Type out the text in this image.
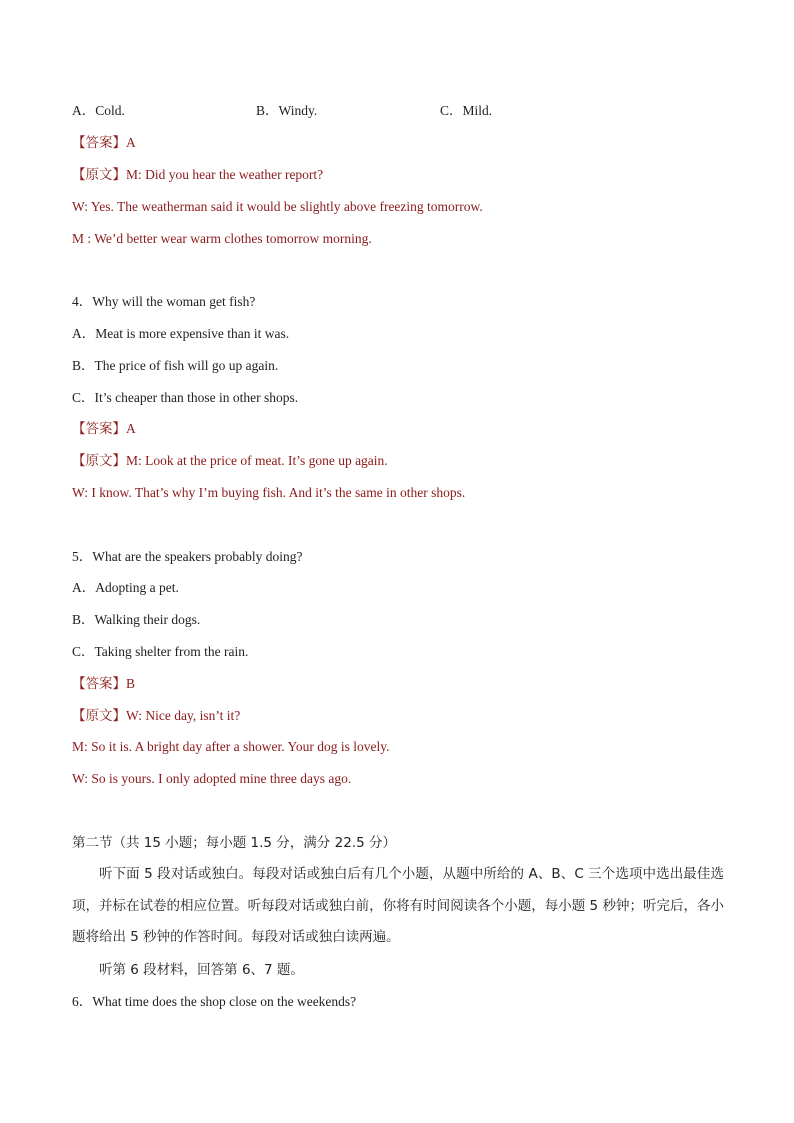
A．Cold.	B．Windy.	C．Mild.
【答案】A
【原文】M: Did you hear the weather report?
W: Yes. The weatherman said it would be slightly above freezing tomorrow.
M : We’d better wear warm clothes tomorrow morning.
4．Why will the woman get fish?
A．Meat is more expensive than it was.
B．The price of fish will go up again.
C．It’s cheaper than those in other shops.
【答案】A
【原文】M: Look at the price of meat. It’s gone up again.
W: I know. That’s why I’m buying fish. And it’s the same in other shops.
5．What are the speakers probably doing?
A．Adopting a pet.
B．Walking their dogs.
C．Taking shelter from the rain.
【答案】B
【原文】W: Nice day, isn’t it?
M: So it is. A bright day after a shower. Your dog is lovely.
W: So is yours. I only adopted mine three days ago.
第二节（共 15 小题；每小题 1.5 分，满分 22.5 分）
听下面 5 段对话或独白。每段对话或独白后有几个小题，从题中所给的 A、B、C 三个选项中选出最佳选项，并标在试卷的相应位置。听每段对话或独白前，你将有时间阅读各个小题，每小题 5 秒钟；听完后，各小题将给出 5 秒钟的作答时间。每段对话或独白读两遍。
听第 6 段材料，回答第 6、7 题。
6．What time does the shop close on the weekends?
